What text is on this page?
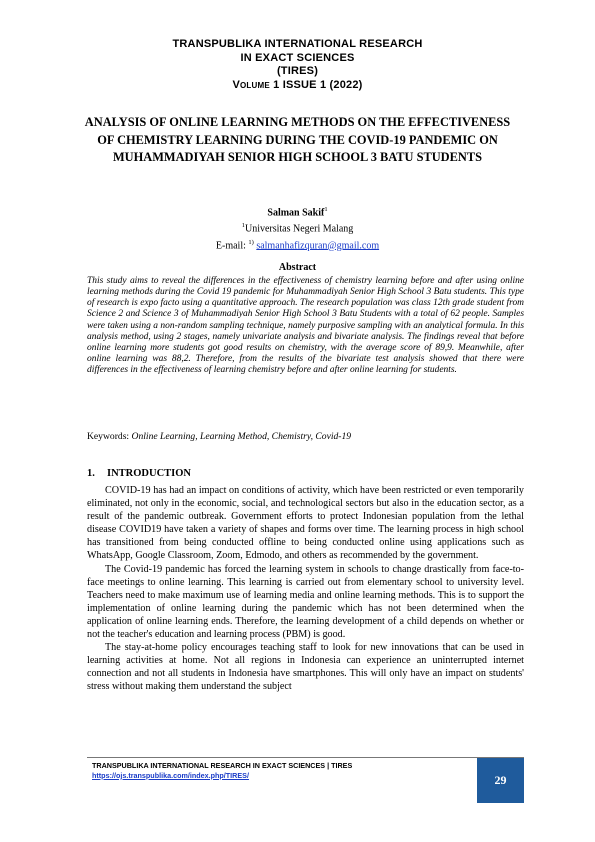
TRANSPUBLIKA INTERNATIONAL RESEARCH
IN EXACT SCIENCES
(TIRES)
Volume 1 ISSUE 1 (2022)
ANALYSIS OF ONLINE LEARNING METHODS ON THE EFFECTIVENESS OF CHEMISTRY LEARNING DURING THE COVID-19 PANDEMIC ON MUHAMMADIYAH SENIOR HIGH SCHOOL 3 BATU STUDENTS
Salman Sakif$^1$
$^1$Universitas Negeri Malang
E-mail: $^{1)}$ salmanhafizquran@gmail.com
Abstract
This study aims to reveal the differences in the effectiveness of chemistry learning before and after using online learning methods during the Covid 19 pandemic for Muhammadiyah Senior High School 3 Batu students. This type of research is expo facto using a quantitative approach. The research population was class 12th grade student from Science 2 and Science 3 of Muhammadiyah Senior High School 3 Batu Students with a total of 62 people. Samples were taken using a non-random sampling technique, namely purposive sampling with an analytical formula. In this analysis method, using 2 stages, namely univariate analysis and bivariate analysis. The findings reveal that before online learning more students got good results on chemistry, with the average score of 89,9. Meanwhile, after online learning was 88,2. Therefore, from the results of the bivariate test analysis showed that there were differences in the effectiveness of learning chemistry before and after online learning for students.
Keywords: Online Learning, Learning Method, Chemistry, Covid-19
1. INTRODUCTION

COVID-19 has had an impact on conditions of activity, which have been restricted or even temporarily eliminated, not only in the economic, social, and technological sectors but also in the education sector, as a result of the pandemic outbreak. Government efforts to protect Indonesian population from the lethal disease COVID19 have taken a variety of shapes and forms over time. The learning process in high school has transitioned from being conducted offline to being conducted online using applications such as WhatsApp, Google Classroom, Zoom, Edmodo, and others as recommended by the government.

The Covid-19 pandemic has forced the learning system in schools to change drastically from face-to-face meetings to online learning. This learning is carried out from elementary school to university level. Teachers need to make maximum use of learning media and online learning methods. This is to support the implementation of online learning during the pandemic which has not been determined when the application of online learning ends. Therefore, the learning development of a child depends on whether or not the teacher's education and learning process (PBM) is good.

The stay-at-home policy encourages teaching staff to look for new innovations that can be used in learning activities at home. Not all regions in Indonesia can experience an uninterrupted internet connection and not all students in Indonesia have smartphones. This will only have an impact on students' stress without making them understand the subject

TRANSPUBLIKA INTERNATIONAL RESEARCH IN EXACT SCIENCES | TIRES
https://ojs.transpublika.com/index.php/TIRES/	29
